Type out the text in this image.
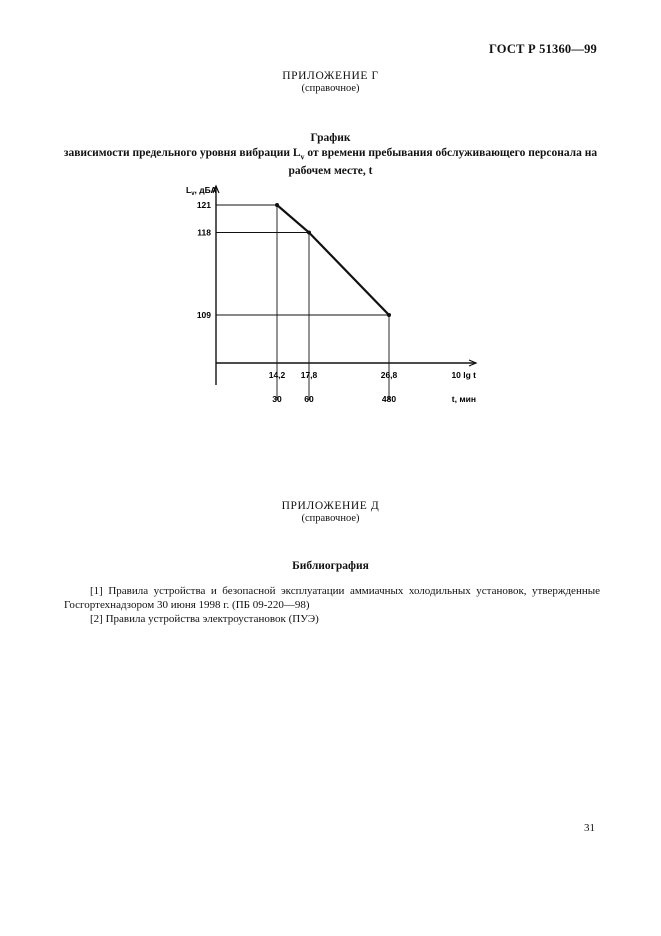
ГОСТ Р 51360—99
ПРИЛОЖЕНИЕ Г
(справочное)
График
зависимости предельного уровня вибрации $L_v$ от времени пребывания обслуживающего персонала на
рабочем месте, t
$L_v$, дБА
121
14,2
30
118
17,8
60
109
26,8
480
10 lg t
t, мин
ПРИЛОЖЕНИЕ Д
(справочное)
Библиография
[1] Правила устройства и безопасной эксплуатации аммиачных холодильных установок, утвержденные
Госгортехнадзором 30 июня 1998 г. (ПБ 09-220—98)
[2] Правила устройства электроустановок (ПУЭ)
31
